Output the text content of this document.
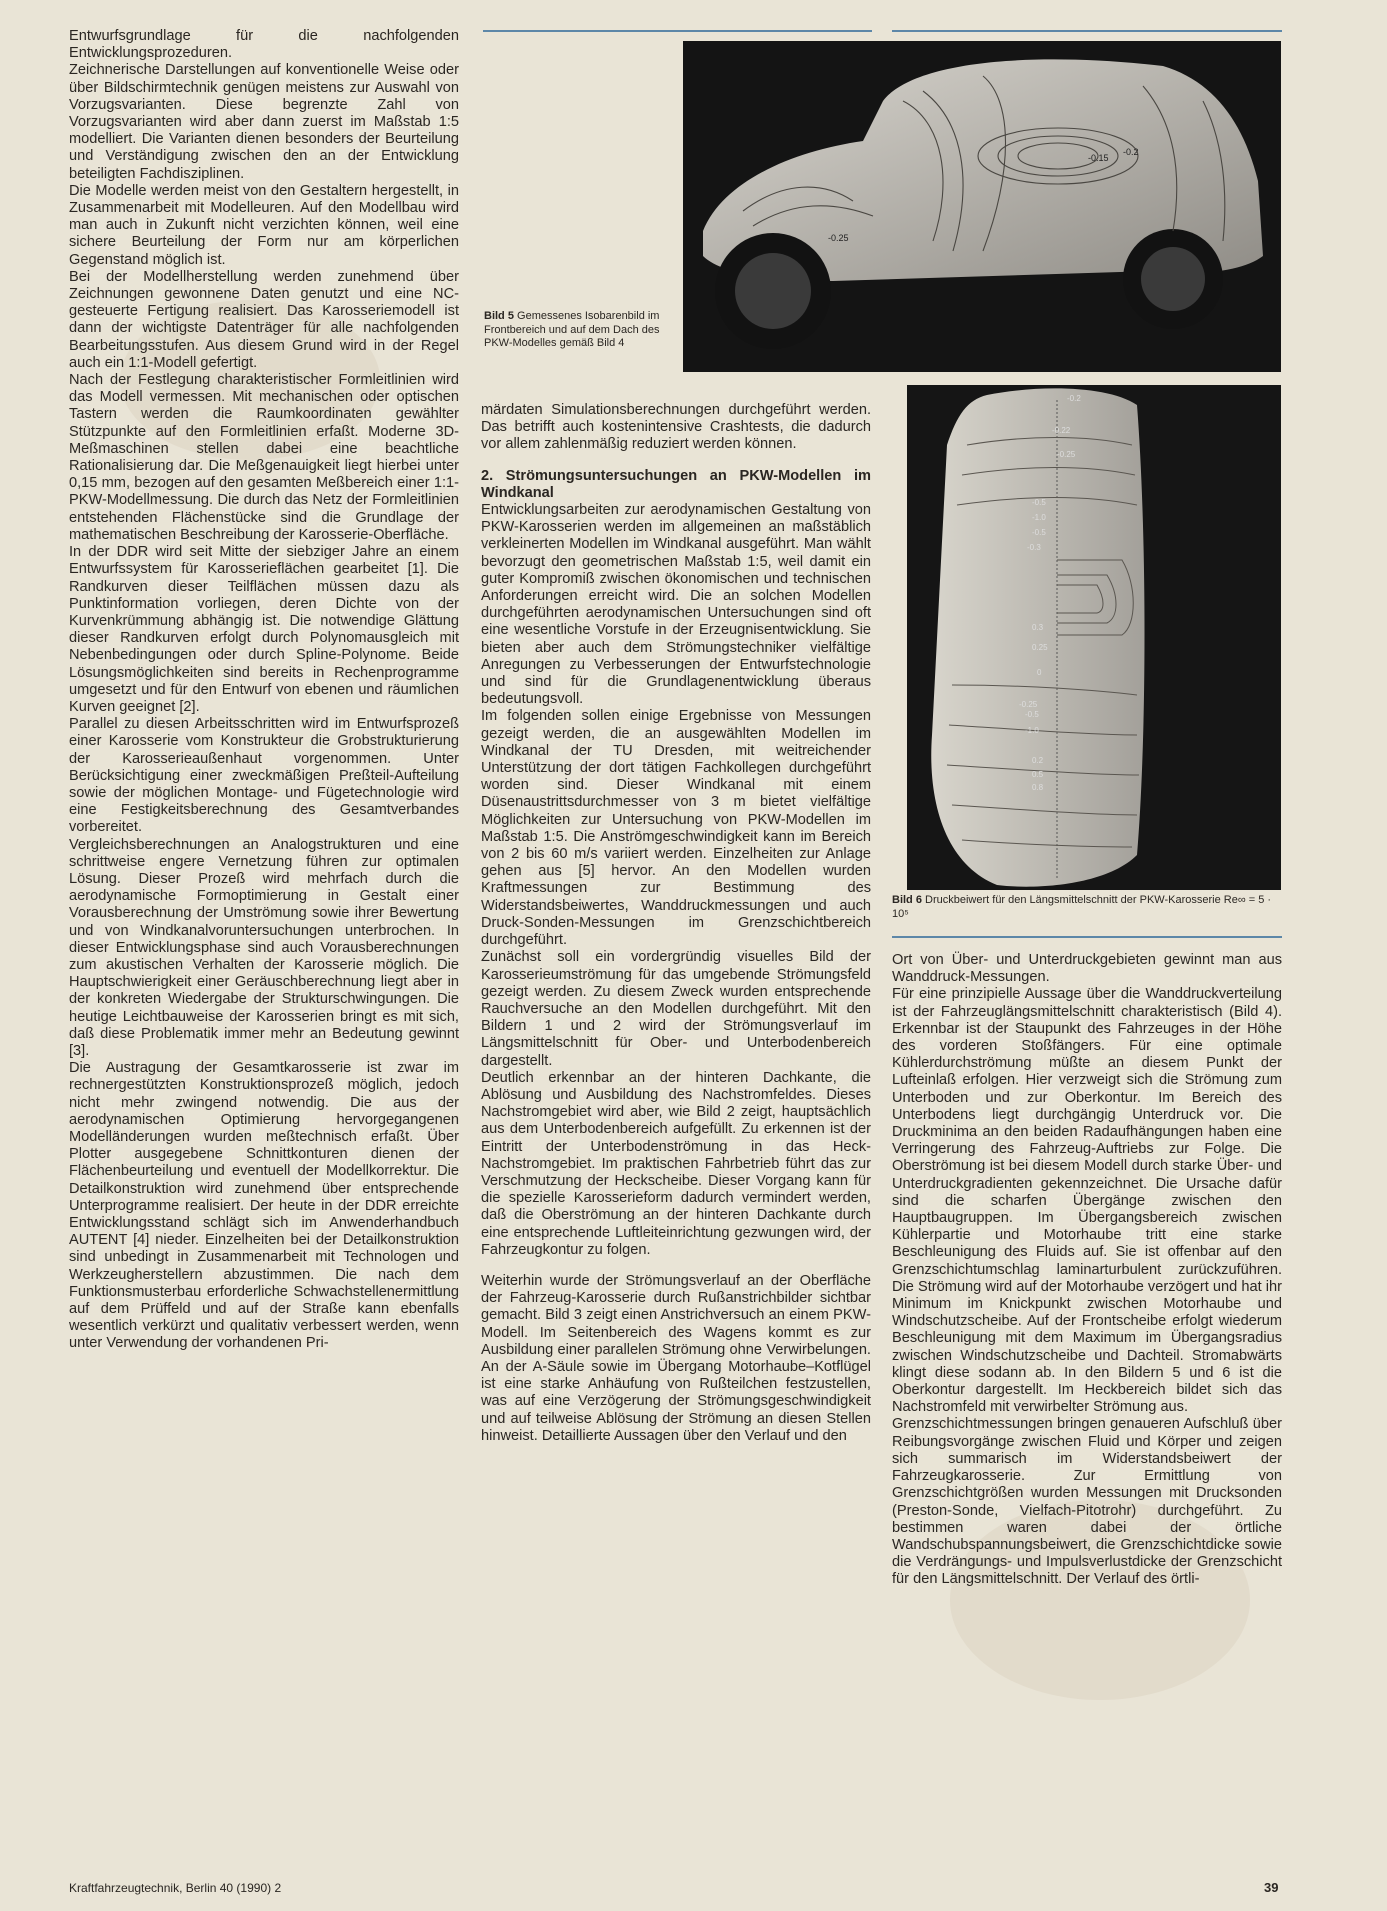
Entwurfsgrundlage für die nachfolgenden Entwicklungsprozeduren.

Zeichnerische Darstellungen auf konventionelle Weise oder über Bildschirmtechnik genügen meistens zur Auswahl von Vorzugsvarianten. Diese begrenzte Zahl von Vorzugsvarianten wird aber dann zuerst im Maßstab 1:5 modelliert. Die Varianten dienen besonders der Beurteilung und Verständigung zwischen den an der Entwicklung beteiligten Fachdisziplinen.

Die Modelle werden meist von den Gestaltern hergestellt, in Zusammenarbeit mit Modelleuren. Auf den Modellbau wird man auch in Zukunft nicht verzichten können, weil eine sichere Beurteilung der Form nur am körperlichen Gegenstand möglich ist.

Bei der Modellherstellung werden zunehmend über Zeichnungen gewonnene Daten genutzt und eine NC-gesteuerte Fertigung realisiert. Das Karosseriemodell ist dann der wichtigste Datenträger für alle nachfolgenden Bearbeitungsstufen. Aus diesem Grund wird in der Regel auch ein 1:1-Modell gefertigt.

Nach der Festlegung charakteristischer Formleitlinien wird das Modell vermessen. Mit mechanischen oder optischen Tastern werden die Raumkoordinaten gewählter Stützpunkte auf den Formleitlinien erfaßt. Moderne 3D-Meßmaschinen stellen dabei eine beachtliche Rationalisierung dar. Die Meßgenauigkeit liegt hierbei unter 0,15 mm, bezogen auf den gesamten Meßbereich einer 1:1-PKW-Modellmessung. Die durch das Netz der Formleitlinien entstehenden Flächenstücke sind die Grundlage der mathematischen Beschreibung der Karosserie-Oberfläche.

In der DDR wird seit Mitte der siebziger Jahre an einem Entwurfssystem für Karosserieflächen gearbeitet [1]. Die Randkurven dieser Teilflächen müssen dazu als Punktinformation vorliegen, deren Dichte von der Kurvenkrümmung abhängig ist. Die notwendige Glättung dieser Randkurven erfolgt durch Polynomausgleich mit Nebenbedingungen oder durch Spline-Polynome. Beide Lösungsmöglichkeiten sind bereits in Rechenprogramme umgesetzt und für den Entwurf von ebenen und räumlichen Kurven geeignet [2].

Parallel zu diesen Arbeitsschritten wird im Entwurfsprozeß einer Karosserie vom Konstrukteur die Grobstrukturierung der Karosserieaußenhaut vorgenommen. Unter Berücksichtigung einer zweckmäßigen Preßteil-Aufteilung sowie der möglichen Montage- und Fügetechnologie wird eine Festigkeitsberechnung des Gesamtverbandes vorbereitet.

Vergleichsberechnungen an Analogstrukturen und eine schrittweise engere Vernetzung führen zur optimalen Lösung. Dieser Prozeß wird mehrfach durch die aerodynamische Formoptimierung in Gestalt einer Vorausberechnung der Umströmung sowie ihrer Bewertung und von Windkanalvoruntersuchungen unterbrochen. In dieser Entwicklungsphase sind auch Vorausberechnungen zum akustischen Verhalten der Karosserie möglich. Die Hauptschwierigkeit einer Geräuschberechnung liegt aber in der konkreten Wiedergabe der Strukturschwingungen. Die heutige Leichtbauweise der Karosserien bringt es mit sich, daß diese Problematik immer mehr an Bedeutung gewinnt [3].

Die Austragung der Gesamtkarosserie ist zwar im rechnergestützten Konstruktionsprozeß möglich, jedoch nicht mehr zwingend notwendig. Die aus der aerodynamischen Optimierung hervorgegangenen Modelländerungen wurden meßtechnisch erfaßt. Über Plotter ausgegebene Schnittkonturen dienen der Flächenbeurteilung und eventuell der Modellkorrektur. Die Detailkonstruktion wird zunehmend über entsprechende Unterprogramme realisiert. Der heute in der DDR erreichte Entwicklungsstand schlägt sich im Anwenderhandbuch AUTENT [4] nieder. Einzelheiten bei der Detailkonstruktion sind unbedingt in Zusammenarbeit mit Technologen und Werkzeugherstellern abzustimmen. Die nach dem Funktionsmusterbau erforderliche Schwachstellenermittlung auf dem Prüffeld und auf der Straße kann ebenfalls wesentlich verkürzt und qualitativ verbessert werden, wenn unter Verwendung der vorhandenen Pri-

-0.2
-0.15
-0.25
Bild 5 Gemessenes Isobarenbild im Frontbereich und auf dem Dach des PKW-Modelles gemäß Bild 4

märdaten Simulationsberechnungen durchgeführt werden. Das betrifft auch kostenintensive Crashtests, die dadurch vor allem zahlenmäßig reduziert werden können.

2. Strömungsuntersuchungen an PKW-Modellen im Windkanal

Entwicklungsarbeiten zur aerodynamischen Gestaltung von PKW-Karosserien werden im allgemeinen an maßstäblich verkleinerten Modellen im Windkanal ausgeführt. Man wählt bevorzugt den geometrischen Maßstab 1:5, weil damit ein guter Kompromiß zwischen ökonomischen und technischen Anforderungen erreicht wird. Die an solchen Modellen durchgeführten aerodynamischen Untersuchungen sind oft eine wesentliche Vorstufe in der Erzeugnisentwicklung. Sie bieten aber auch dem Strömungstechniker vielfältige Anregungen zu Verbesserungen der Entwurfstechnologie und sind für die Grundlagenentwicklung überaus bedeutungsvoll.

Im folgenden sollen einige Ergebnisse von Messungen gezeigt werden, die an ausgewählten Modellen im Windkanal der TU Dresden, mit weitreichender Unterstützung der dort tätigen Fachkollegen durchgeführt worden sind. Dieser Windkanal mit einem Düsenaustrittsdurchmesser von 3 m bietet vielfältige Möglichkeiten zur Untersuchung von PKW-Modellen im Maßstab 1:5. Die Anströmgeschwindigkeit kann im Bereich von 2 bis 60 m/s variiert werden. Einzelheiten zur Anlage gehen aus [5] hervor. An den Modellen wurden Kraftmessungen zur Bestimmung des Widerstandsbeiwertes, Wanddruckmessungen und auch Druck-Sonden-Messungen im Grenzschichtbereich durchgeführt.

Zunächst soll ein vordergründig visuelles Bild der Karosserieumströmung für das umgebende Strömungsfeld gezeigt werden. Zu diesem Zweck wurden entsprechende Rauchversuche an den Modellen durchgeführt. Mit den Bildern 1 und 2 wird der Strömungsverlauf im Längsmittelschnitt für Ober- und Unterbodenbereich dargestellt.

Deutlich erkennbar an der hinteren Dachkante, die Ablösung und Ausbildung des Nachstromfeldes. Dieses Nachstromgebiet wird aber, wie Bild 2 zeigt, hauptsächlich aus dem Unterbodenbereich aufgefüllt. Zu erkennen ist der Eintritt der Unterbodenströmung in das Heck-Nachstromgebiet. Im praktischen Fahrbetrieb führt das zur Verschmutzung der Heckscheibe. Dieser Vorgang kann für die spezielle Karosserieform dadurch vermindert werden, daß die Oberströmung an der hinteren Dachkante durch eine entsprechende Luftleiteinrichtung gezwungen wird, der Fahrzeugkontur zu folgen.

Weiterhin wurde der Strömungsverlauf an der Oberfläche der Fahrzeug-Karosserie durch Rußanstrichbilder sichtbar gemacht. Bild 3 zeigt einen Anstrichversuch an einem PKW-Modell. Im Seitenbereich des Wagens kommt es zur Ausbildung einer parallelen Strömung ohne Verwirbelungen. An der A-Säule sowie im Übergang Motorhaube–Kotflügel ist eine starke Anhäufung von Rußteilchen festzustellen, was auf eine Verzögerung der Strömungsgeschwindigkeit und auf teilweise Ablösung der Strömung an diesen Stellen hinweist. Detaillierte Aussagen über den Verlauf und den

-0.2
-0.22
-0.25
-0.5
-1.0
-0.5
-0.3
0.3
0.25
0
-0.25
-0.5
-1.0
0.2
0.5
0.8
Bild 6 Druckbeiwert für den Längsmittelschnitt der PKW-Karosserie Re∞ = 5 · 10⁵

Ort von Über- und Unterdruckgebieten gewinnt man aus Wanddruck-Messungen.

Für eine prinzipielle Aussage über die Wanddruckverteilung ist der Fahrzeuglängsmittelschnitt charakteristisch (Bild 4). Erkennbar ist der Staupunkt des Fahrzeuges in der Höhe des vorderen Stoßfängers. Für eine optimale Kühlerdurchströmung müßte an diesem Punkt der Lufteinlaß erfolgen. Hier verzweigt sich die Strömung zum Unterboden und zur Oberkontur. Im Bereich des Unterbodens liegt durchgängig Unterdruck vor. Die Druckminima an den beiden Radaufhängungen haben eine Verringerung des Fahrzeug-Auftriebs zur Folge. Die Oberströmung ist bei diesem Modell durch starke Über- und Unterdruckgradienten gekennzeichnet. Die Ursache dafür sind die scharfen Übergänge zwischen den Hauptbaugruppen. Im Übergangsbereich zwischen Kühlerpartie und Motorhaube tritt eine starke Beschleunigung des Fluids auf. Sie ist offenbar auf den Grenzschichtumschlag laminarturbulent zurückzuführen. Die Strömung wird auf der Motorhaube verzögert und hat ihr Minimum im Knickpunkt zwischen Motorhaube und Windschutzscheibe. Auf der Frontscheibe erfolgt wiederum Beschleunigung mit dem Maximum im Übergangsradius zwischen Windschutzscheibe und Dachteil. Stromabwärts klingt diese sodann ab. In den Bildern 5 und 6 ist die Oberkontur dargestellt. Im Heckbereich bildet sich das Nachstromfeld mit verwirbelter Strömung aus.

Grenzschichtmessungen bringen genaueren Aufschluß über Reibungsvorgänge zwischen Fluid und Körper und zeigen sich summarisch im Widerstandsbeiwert der Fahrzeugkarosserie. Zur Ermittlung von Grenzschichtgrößen wurden Messungen mit Drucksonden (Preston-Sonde, Vielfach-Pitotrohr) durchgeführt. Zu bestimmen waren dabei der örtliche Wandschubspannungsbeiwert, die Grenzschichtdicke sowie die Verdrängungs- und Impulsverlustdicke der Grenzschicht für den Längsmittelschnitt. Der Verlauf des örtli-

Kraftfahrzeugtechnik, Berlin 40 (1990) 2	39
